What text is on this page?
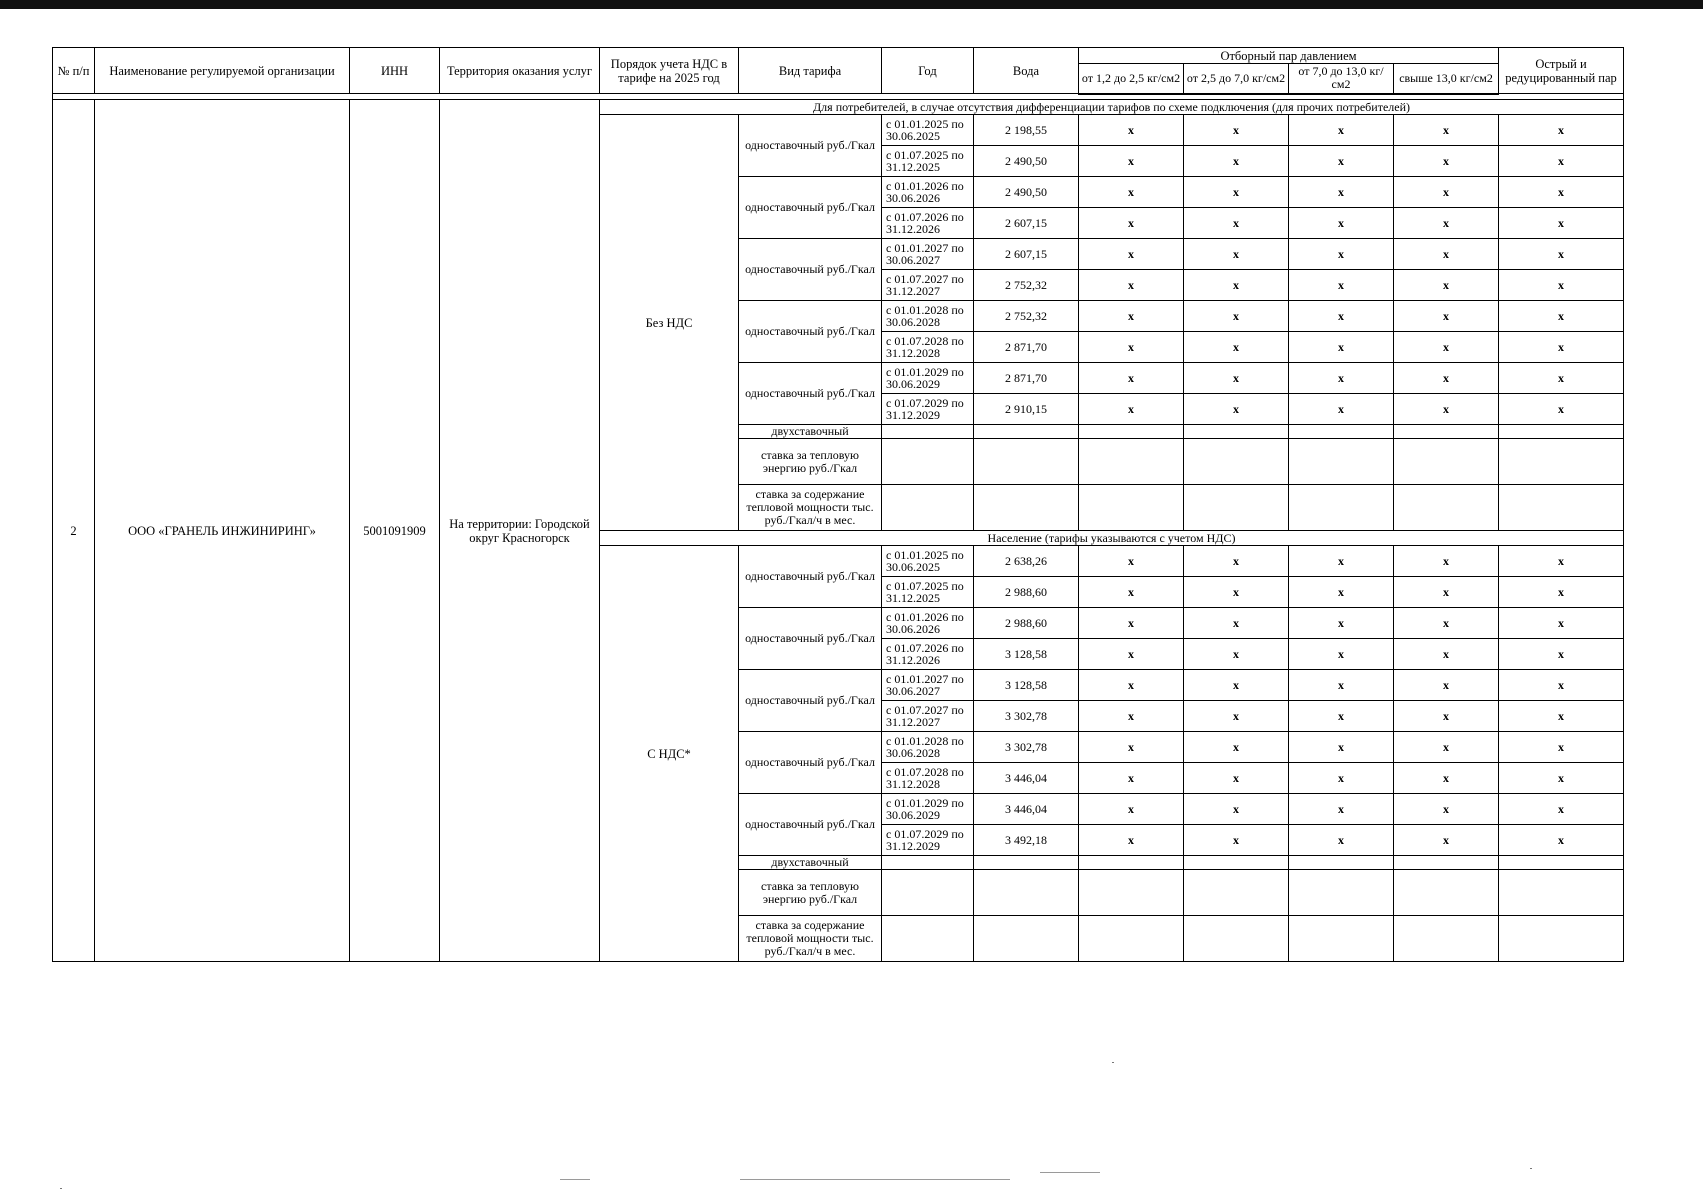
№ п/п	Наименование регулируемой организации	ИНН	Территория оказания услуг	Порядок учета НДС в тарифе на 2025 год	Вид тарифа	Год	Вода	Отборный пар давлением				Острый и редуцированный пар
								от 1,2 до 2,5 кг/см2	от 2,5 до 7,0 кг/см2	от 7,0 до 13,0 кг/см2	свыше 13,0 кг/см2	

2	ООО «ГРАНЕЛЬ ИНЖИНИРИНГ»	5001091909	На территории: Городской округ Красногорск	Для потребителей, в случае отсутствия дифференциации тарифов по схеме подключения (для прочих потребителей)								
				Без НДС	одноставочный руб./Гкал	с 01.01.2025 по 30.06.2025	2 198,55	x	x	x	x	x
						с 01.07.2025 по 31.12.2025	2 490,50	x	x	x	x	x
					одноставочный руб./Гкал	с 01.01.2026 по 30.06.2026	2 490,50	x	x	x	x	x
						с 01.07.2026 по 31.12.2026	2 607,15	x	x	x	x	x
					одноставочный руб./Гкал	с 01.01.2027 по 30.06.2027	2 607,15	x	x	x	x	x
						с 01.07.2027 по 31.12.2027	2 752,32	x	x	x	x	x
					одноставочный руб./Гкал	с 01.01.2028 по 30.06.2028	2 752,32	x	x	x	x	x
						с 01.07.2028 по 31.12.2028	2 871,70	x	x	x	x	x
					одноставочный руб./Гкал	с 01.01.2029 по 30.06.2029	2 871,70	x	x	x	x	x
						с 01.07.2029 по 31.12.2029	2 910,15	x	x	x	x	x
					двухставочный							
					ставка за тепловую энергию руб./Гкал							
					ставка за содержание тепловой мощности тыс. руб./Гкал/ч в мес.							
				Население (тарифы указываются с учетом НДС)								
				С НДС*	одноставочный руб./Гкал	с 01.01.2025 по 30.06.2025	2 638,26	x	x	x	x	x
						с 01.07.2025 по 31.12.2025	2 988,60	x	x	x	x	x
					одноставочный руб./Гкал	с 01.01.2026 по 30.06.2026	2 988,60	x	x	x	x	x
						с 01.07.2026 по 31.12.2026	3 128,58	x	x	x	x	x
					одноставочный руб./Гкал	с 01.01.2027 по 30.06.2027	3 128,58	x	x	x	x	x
						с 01.07.2027 по 31.12.2027	3 302,78	x	x	x	x	x
					одноставочный руб./Гкал	с 01.01.2028 по 30.06.2028	3 302,78	x	x	x	x	x
						с 01.07.2028 по 31.12.2028	3 446,04	x	x	x	x	x
					одноставочный руб./Гкал	с 01.01.2029 по 30.06.2029	3 446,04	x	x	x	x	x
						с 01.07.2029 по 31.12.2029	3 492,18	x	x	x	x	x
					двухставочный							
					ставка за тепловую энергию руб./Гкал							
					ставка за содержание тепловой мощности тыс. руб./Гкал/ч в мес.							
